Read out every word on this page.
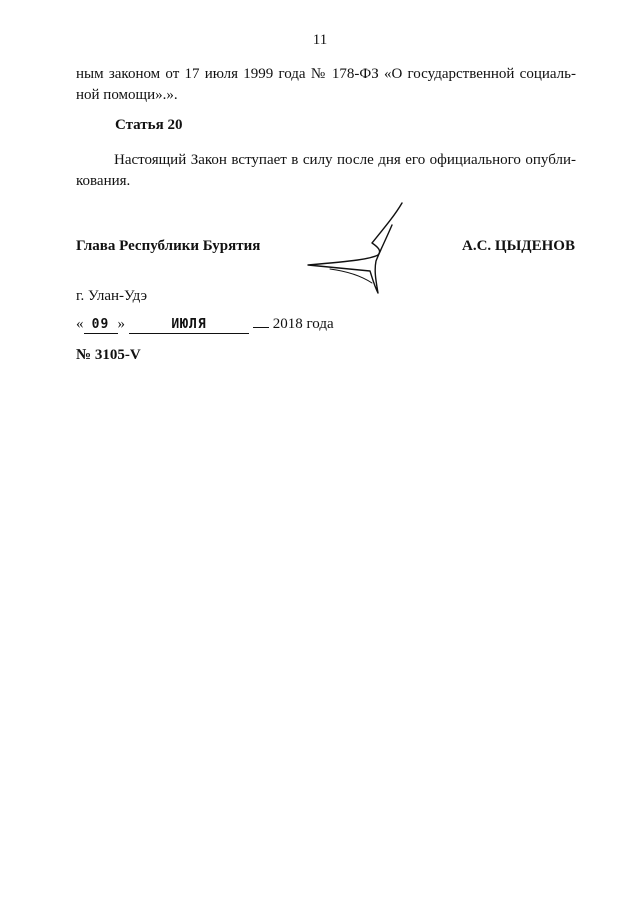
11
ным законом от 17 июля 1999 года № 178-ФЗ «О государственной социаль-ной помощи».».
Статья 20
Настоящий Закон вступает в силу после дня его официального опубли-кования.
Глава Республики Бурятия	А.С. ЦЫДЕНОВ
г. Улан-Удэ
« 09 »	ИЮЛЯ	2018 года
№ 3105-V
